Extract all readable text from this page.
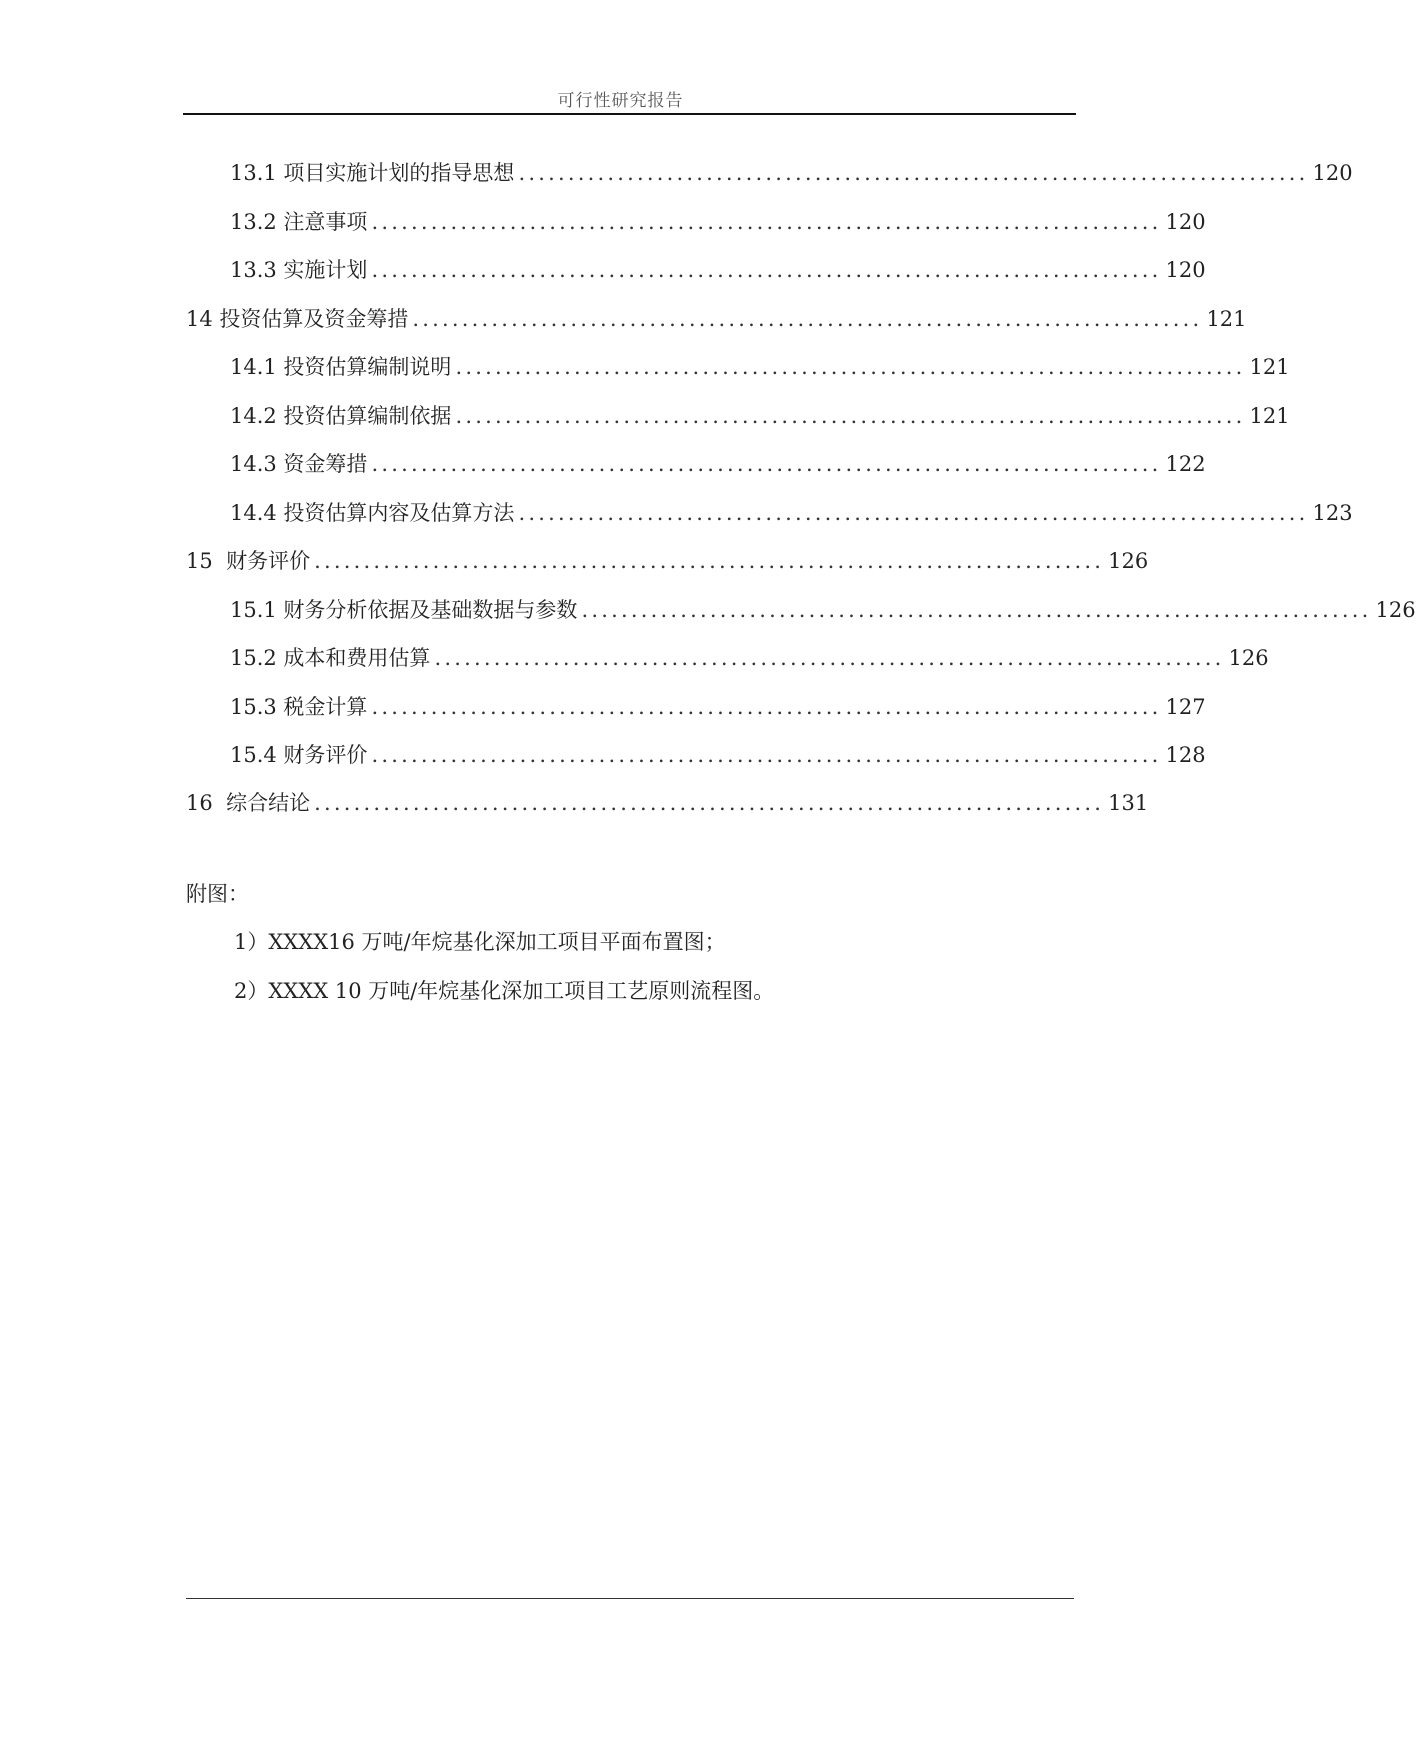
可行性研究报告
13.1 项目实施计划的指导思想 ................................................................................ 120
13.2 注意事项 ................................................................................ 120
13.3 实施计划 ................................................................................ 120
14 投资估算及资金筹措 ................................................................................ 121
14.1 投资估算编制说明 ................................................................................ 121
14.2 投资估算编制依据 ................................................................................ 121
14.3 资金筹措 ................................................................................ 122
14.4 投资估算内容及估算方法 ................................................................................ 123
15  财务评价 ................................................................................ 126
15.1 财务分析依据及基础数据与参数 ................................................................................ 126
15.2 成本和费用估算 ................................................................................ 126
15.3 税金计算 ................................................................................ 127
15.4 财务评价 ................................................................................ 128
16  综合结论 ................................................................................ 131
附图：
1）XXXX16 万吨/年烷基化深加工项目平面布置图；
2）XXXX 10 万吨/年烷基化深加工项目工艺原则流程图。
